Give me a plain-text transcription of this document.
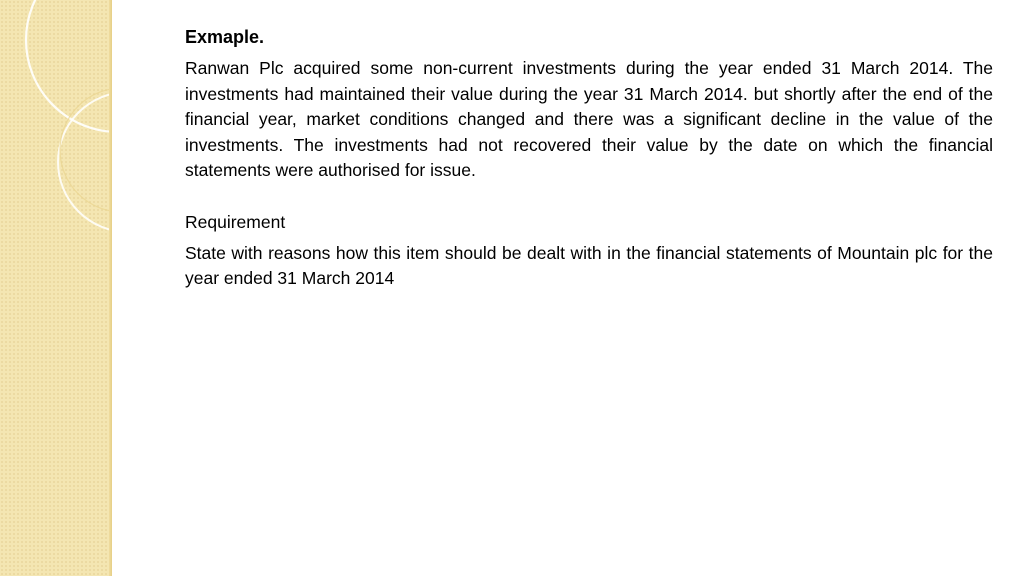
Exmaple.

Ranwan Plc acquired some non-current investments during the year ended 31 March 2014. The investments had maintained their value during the year 31 March 2014. but shortly after the end of the financial year, market conditions changed and there was a significant decline in the value of the investments. The investments had not recovered their value by the date on which the financial statements were authorised for issue.

Requirement

State with reasons how this item should be dealt with in the financial statements of Mountain plc for the year ended 31 March 2014
